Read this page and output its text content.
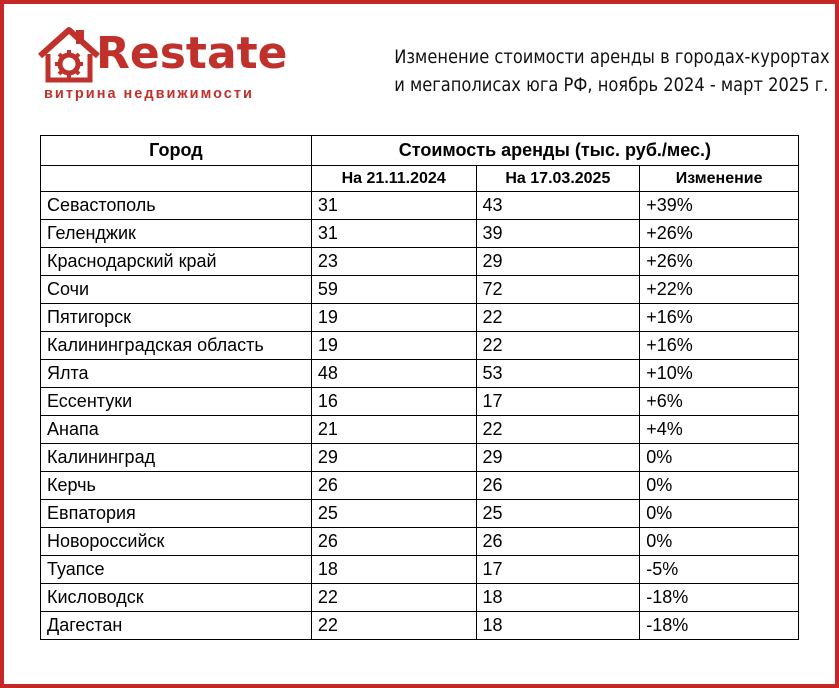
Restate
витрина недвижимости
Изменение стоимости аренды в городах-курортах
и мегаполисах юга РФ, ноябрь 2024 - март 2025 г.
Город	Стоимость аренды (тыс. руб./мес.)		
	На 21.11.2024	На 17.03.2025	Изменение
Севастополь	31	43	+39%
Геленджик	31	39	+26%
Краснодарский край	23	29	+26%
Сочи	59	72	+22%
Пятигорск	19	22	+16%
Калининградская область	19	22	+16%
Ялта	48	53	+10%
Ессентуки	16	17	+6%
Анапа	21	22	+4%
Калининград	29	29	0%
Керчь	26	26	0%
Евпатория	25	25	0%
Новороссийск	26	26	0%
Туапсе	18	17	-5%
Кисловодск	22	18	-18%
Дагестан	22	18	-18%
